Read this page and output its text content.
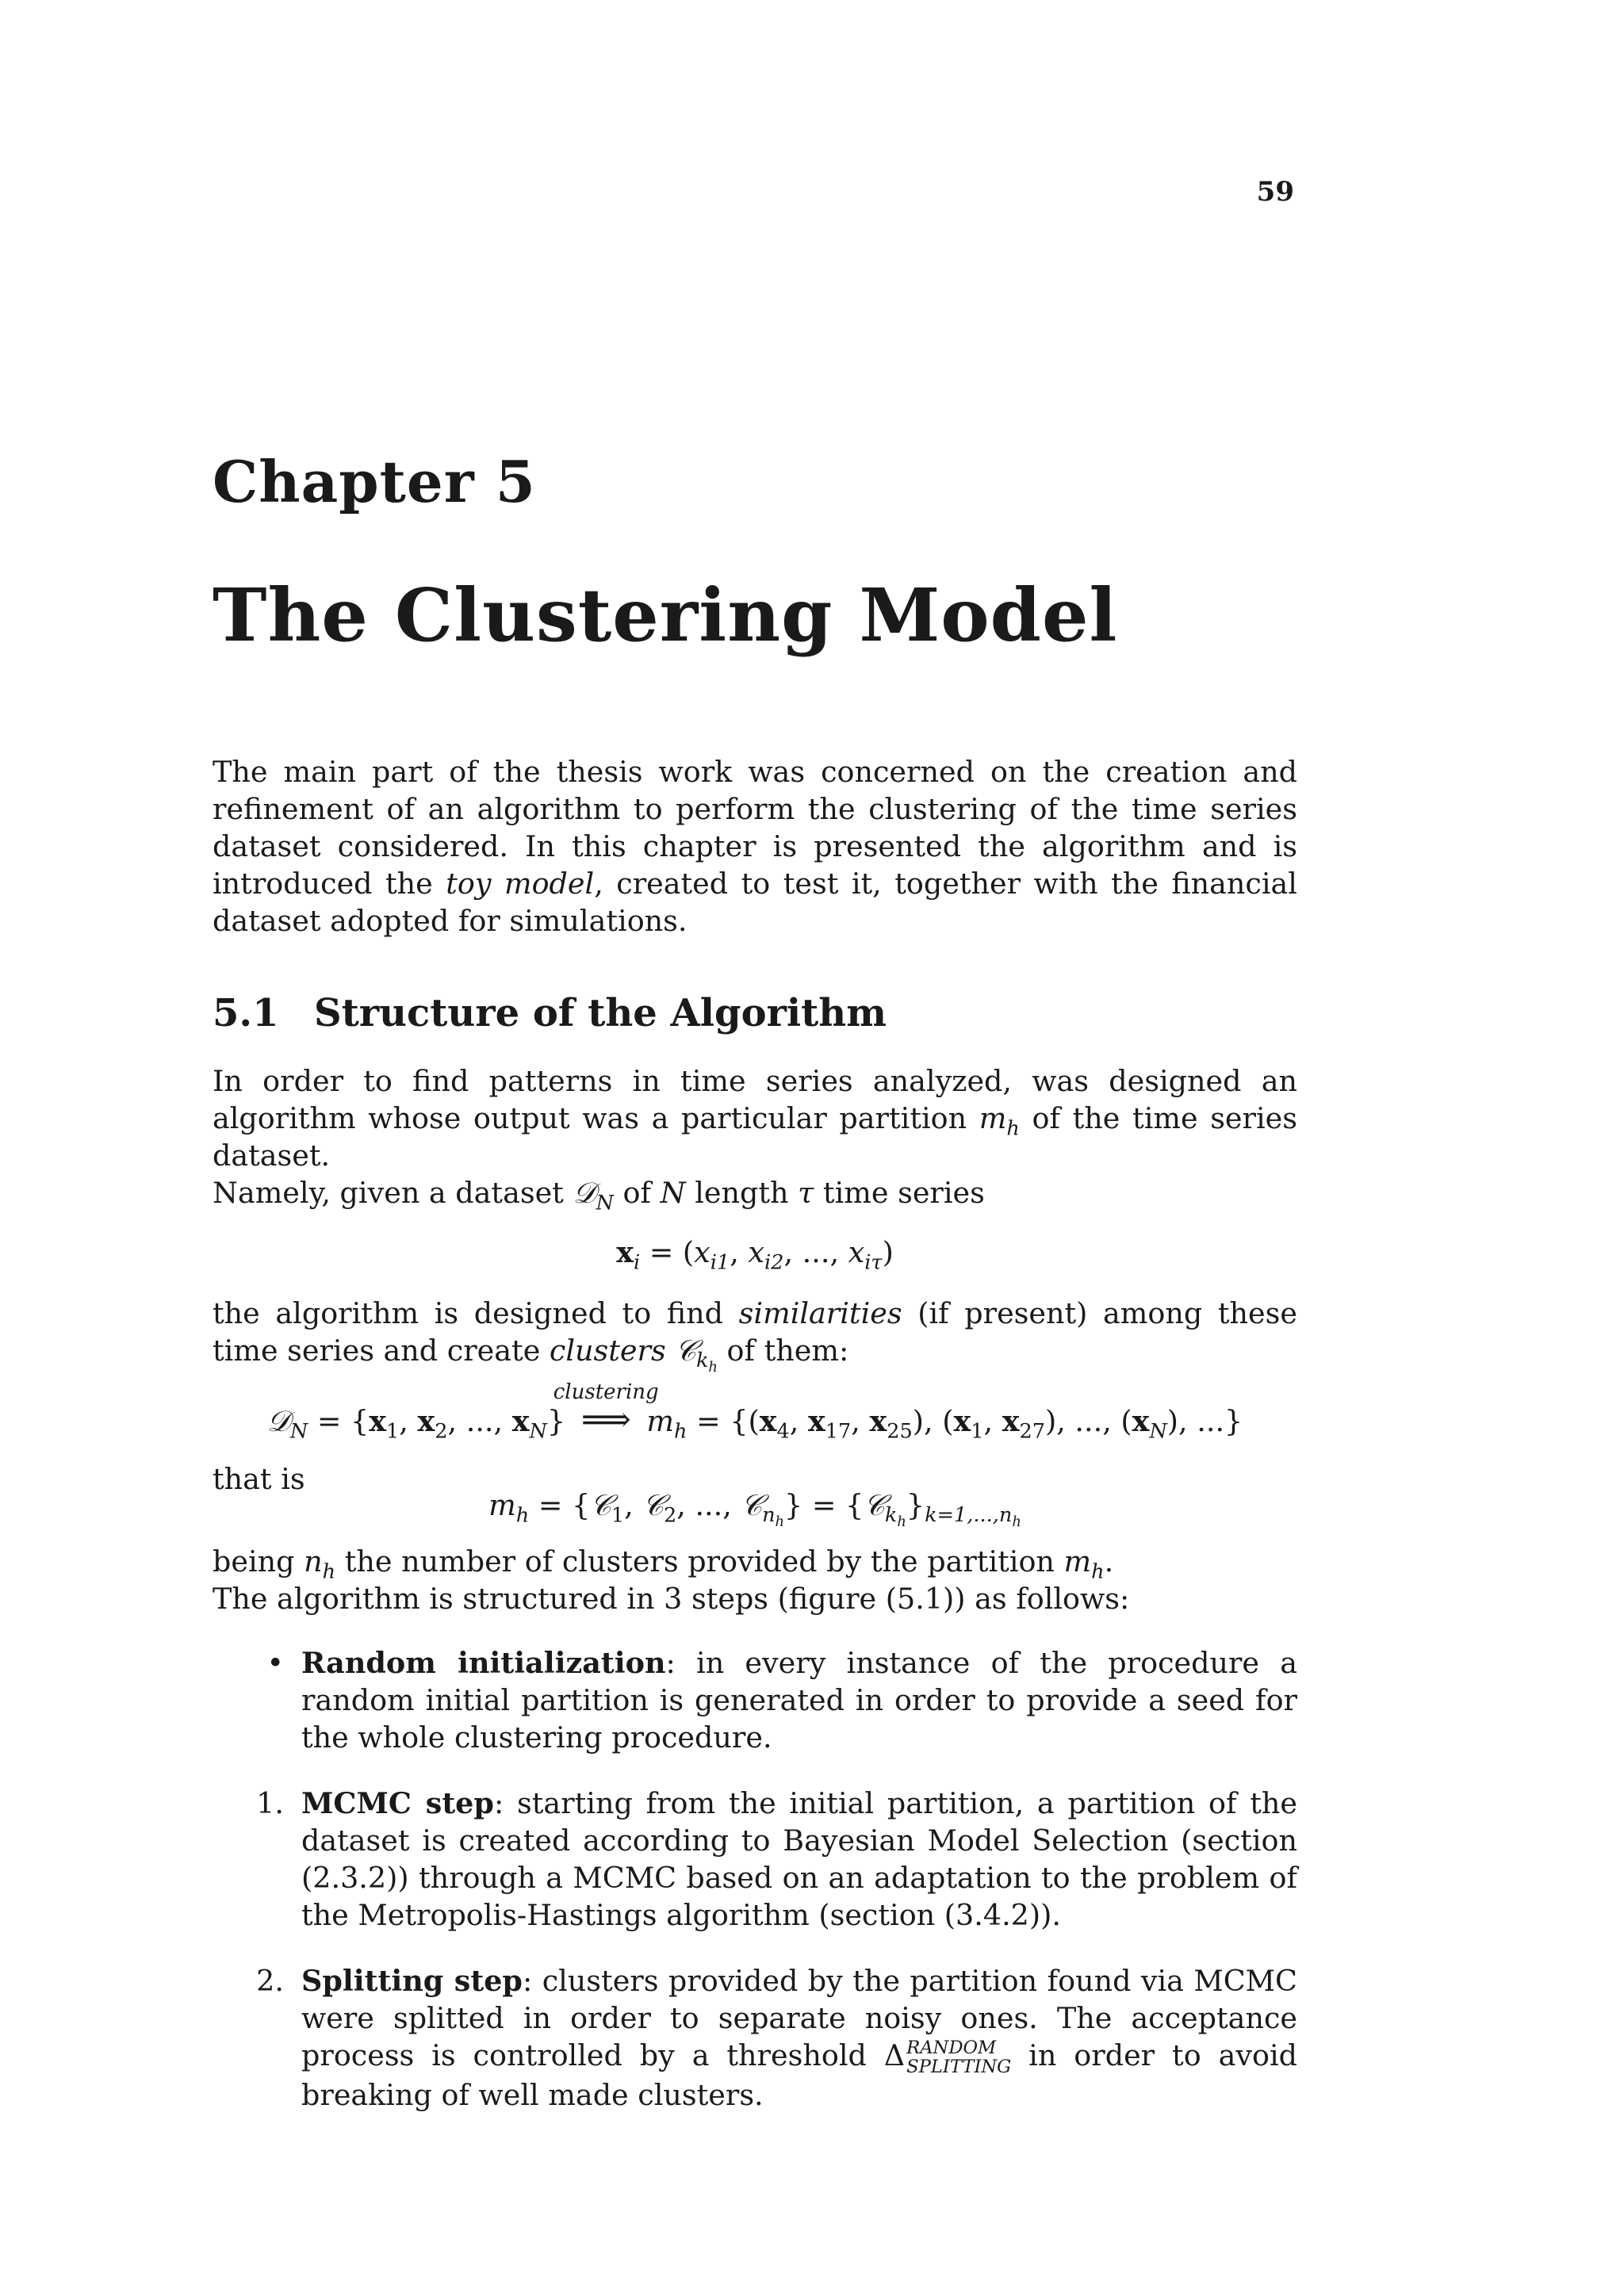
59
Chapter 5
The Clustering Model

The main part of the thesis work was concerned on the creation and refinement of an algorithm to perform the clustering of the time series dataset considered. In this chapter is presented the algorithm and is introduced the toy model, created to test it, together with the financial dataset adopted for simulations.

5.1 Structure of the Algorithm

In order to find patterns in time series analyzed, was designed an algorithm whose output was a particular partition $m_h$ of the time series dataset.
Namely, given a dataset 𝒟$_N$ of N length τ time series

$x_i = (x_{i1}$, $x_{i2}$, ..., $x_{i\tau}$)

the algorithm is designed to find similarities (if present) among these time series and create clusters 𝒞$_{k_h}$ of them:

𝒟$_N$ = {$x_1$, $x_2$, ..., $x_N$}
clustering
⟹ $m_h = \{(x_4$, $x_{17}$, $x_{25}$), ($x_1$, $x_{27}$), ..., $(x_N)$, ...}

that is

$m_h$ = {𝒞$_1$, 𝒞$_2$, ..., 𝒞$_{n_h}$} = $\{𝒞_{k_h}\}_{k=1,...,n_h}$

being $n_h$ the number of clusters provided by the partition $m_h$.
The algorithm is structured in 3 steps (figure (5.1)) as follows:

• Random initialization: in every instance of the procedure a random initial partition is generated in order to provide a seed for the whole clustering procedure.
1. MCMC step: starting from the initial partition, a partition of the dataset is created according to Bayesian Model Selection (section (2.3.2)) through a MCMC based on an adaptation to the problem of the Metropolis-Hastings algorithm (section (3.4.2)).
2. Splitting step: clusters provided by the partition found via MCMC were splitted in order to separate noisy ones. The acceptance process is controlled by a threshold Δ RANDOM
SPLITTING in order to avoid breaking of well made clusters.
